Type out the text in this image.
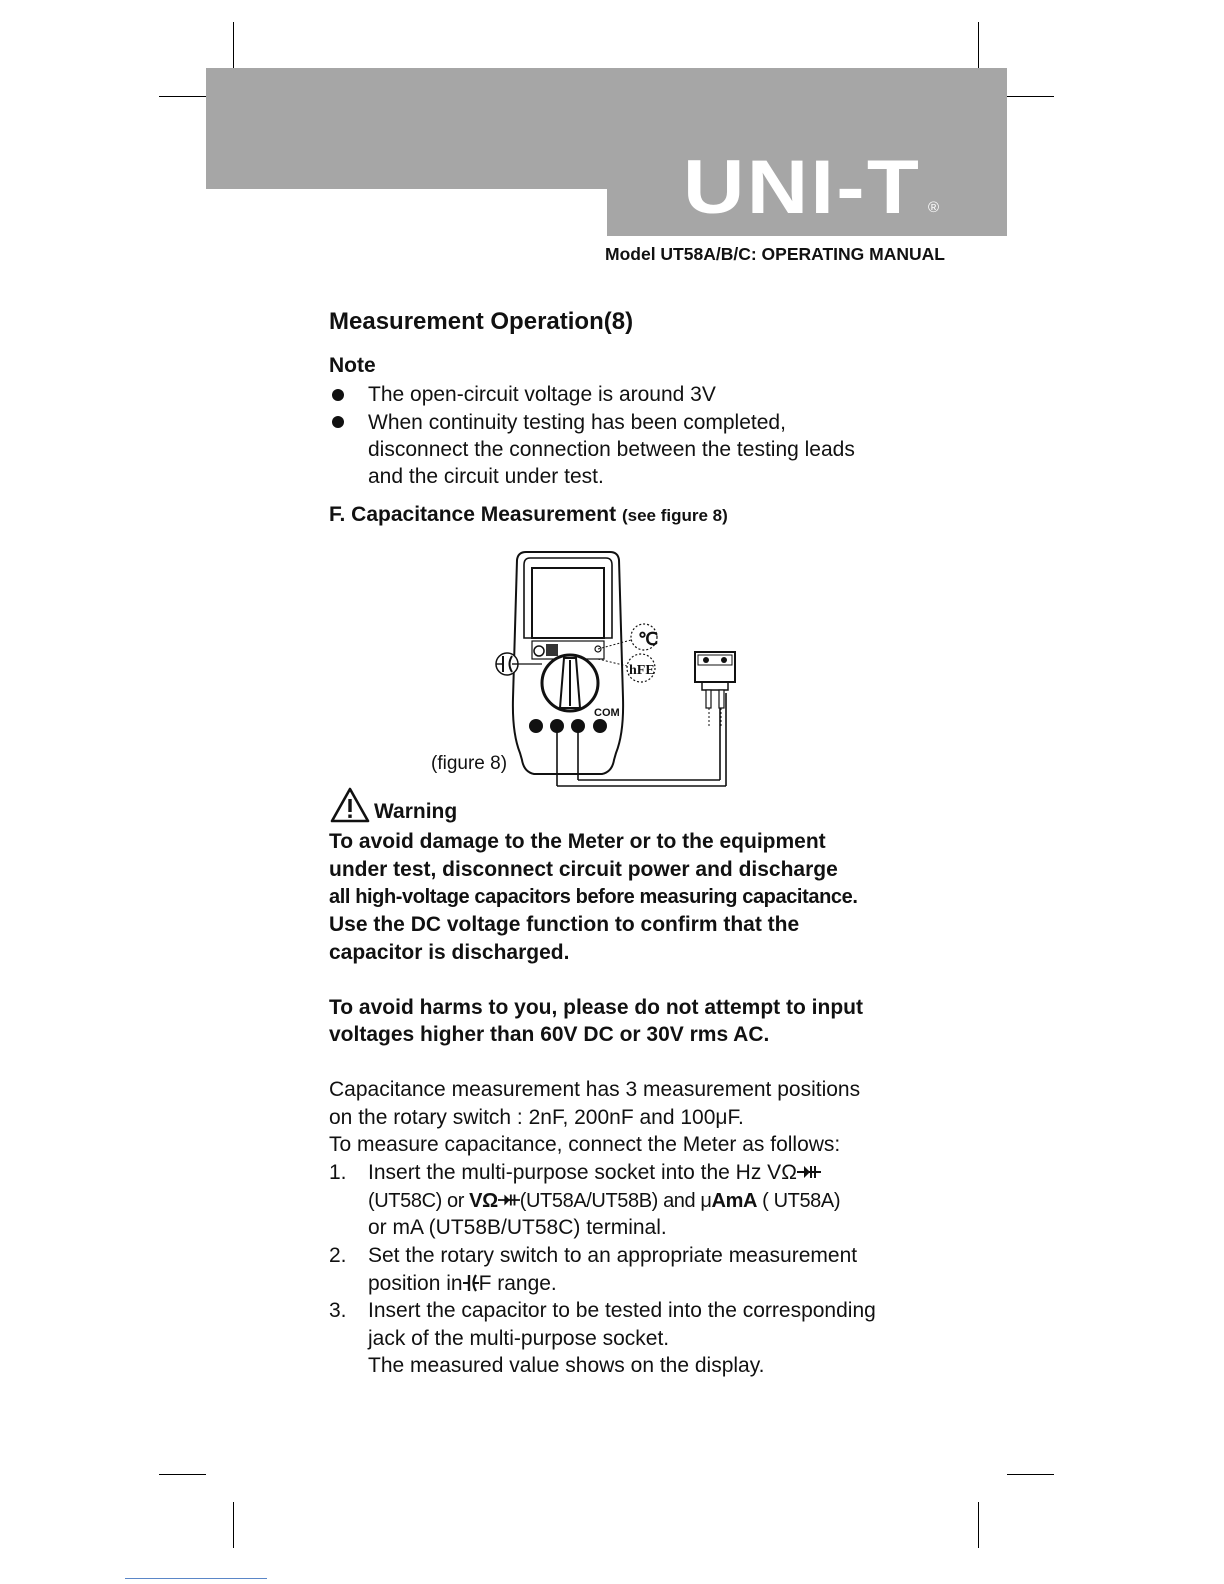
UNI-T ®
Model UT58A/B/C: OPERATING MANUAL
Measurement Operation(8)
Note
The open-circuit voltage is around 3V
When continuity testing has been completed,
disconnect the connection between the testing leads
and the circuit under test.
F. Capacitance Measurement (see figure 8)
℃
hFE
COM
(figure 8)
Warning
To avoid damage to the Meter or to the equipment
under test, disconnect circuit power and discharge
all high-voltage capacitors before measuring capacitance.
Use the DC voltage function to confirm that the
capacitor is discharged.
To avoid harms to you, please do not attempt to input
voltages higher than 60V DC or 30V rms AC.
Capacitance measurement has 3 measurement positions
on the rotary switch : 2nF, 200nF and 100μF.
To measure capacitance, connect the Meter as follows:
1. Insert the multi-purpose socket into the Hz VΩ
(UT58C) or VΩ (UT58A/UT58B) and μAmA ( UT58A)
or mA (UT58B/UT58C) terminal.
2. Set the rotary switch to an appropriate measurement
position in F range.
3. Insert the capacitor to be tested into the corresponding
jack of the multi-purpose socket.
The measured value shows on the display.
